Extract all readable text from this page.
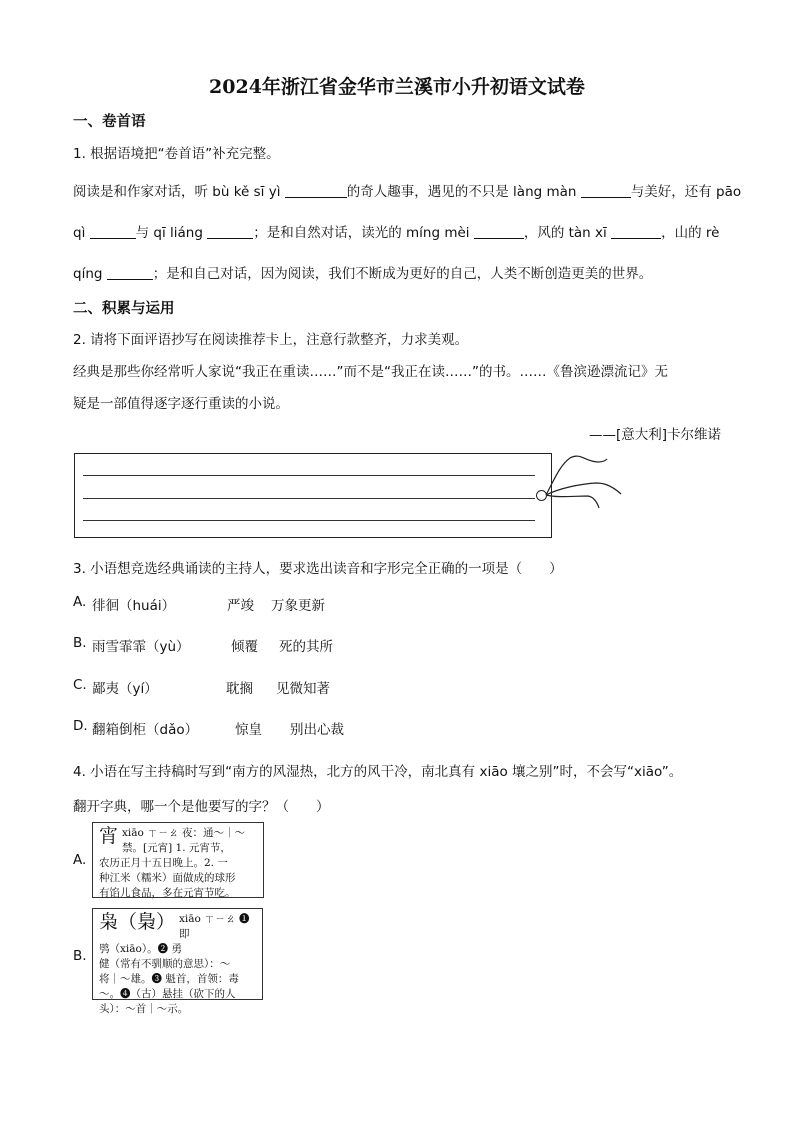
2024年浙江省金华市兰溪市小升初语文试卷
一、卷首语
1. 根据语境把“卷首语”补充完整。
阅读是和作家对话，听 bù kě sī yì	的奇人趣事，遇见的不只是 làng màn	与美好，还有 pāo
qì	与 qī liáng	；是和自然对话，读光的 míng mèi	，风的 tàn xī	，山的 rè
qíng	；是和自己对话，因为阅读，我们不断成为更好的自己，人类不断创造更美的世界。
二、积累与运用
2. 请将下面评语抄写在阅读推荐卡上，注意行款整齐，力求美观。
经典是那些你经常听人家说“我正在重读……”而不是“我正在读……”的书。……《鲁滨逊漂流记》无
疑是一部值得逐字逐行重读的小说。
——[意大利]卡尔维诺
3. 小语想竞选经典诵读的主持人，要求选出读音和字形完全正确的一项是（　　）
A. 徘徊（huái）	严竣 万象更新
B. 雨雪霏霏（yù）	倾覆 死的其所
C. 鄙夷（yí）	耽搁 见微知著
D. 翻箱倒柜（dǎo）	惊皇 别出心裁
4. 小语在写主持稿时写到“南方的风湿热，北方的风干冷，南北真有 xiāo 壤之别”时，不会写“xiāo”。
翻开字典，哪一个是他要写的字？（　　）
A.
宵 xiāo ㄒㄧㄠ 夜：通～｜～
禁。[元宵] 1. 元宵节，
农历正月十五日晚上。2. 一
种江米（糯米）面做成的球形
有馅儿食品，多在元宵节吃。
B.
枭（梟） xiāo ㄒㄧㄠ ❶ 即
鸮（xiāo）。❷ 勇
健（常有不驯顺的意思）：～
将｜～雄。❸ 魁首，首领：毒
～。❹（古）悬挂（砍下的人
头）：～首｜～示。
